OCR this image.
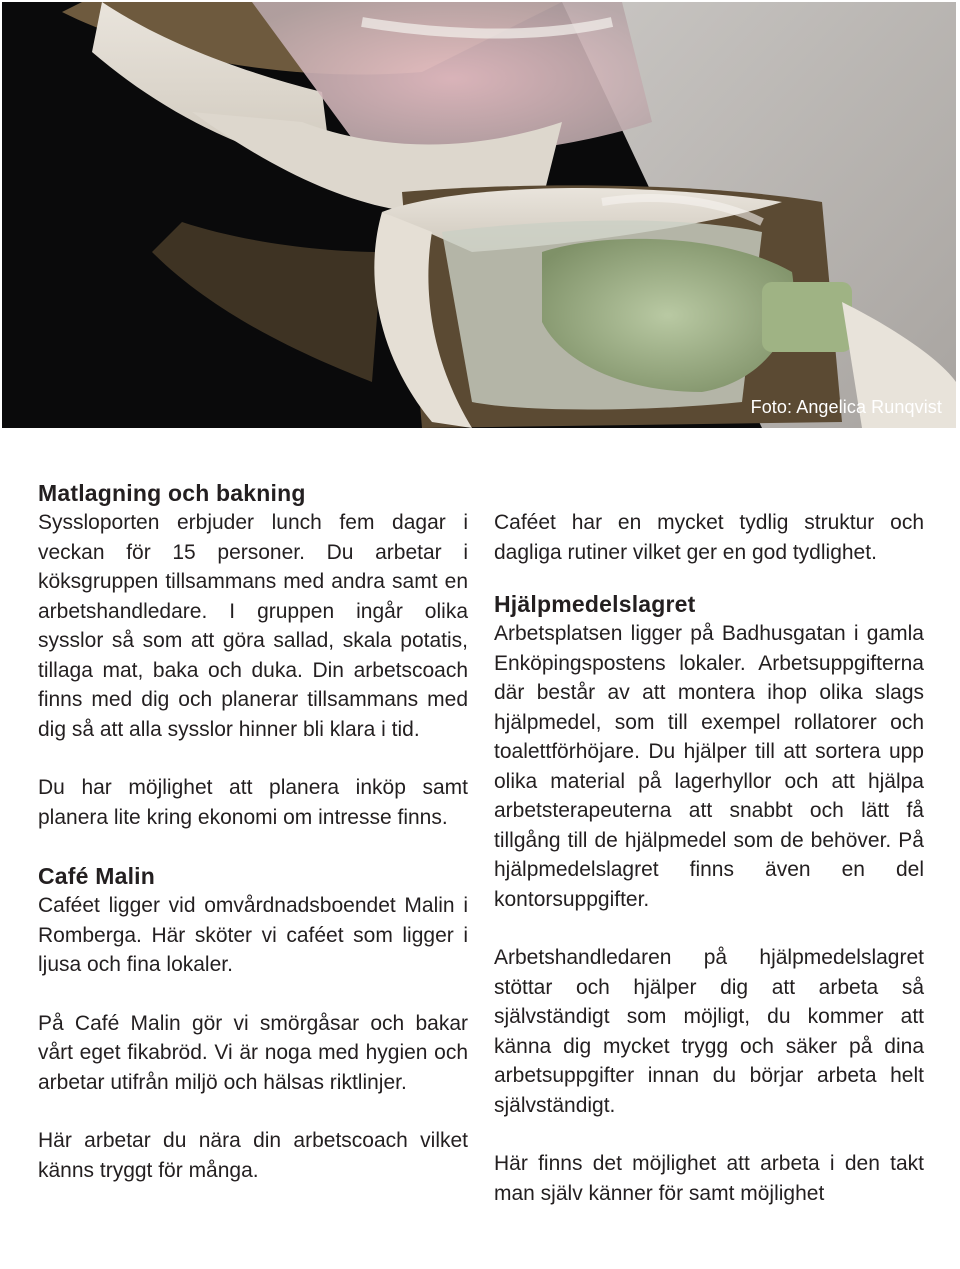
Foto: Angelica Runqvist
Matlagning och bakning

Syssloporten erbjuder lunch fem dagar i veckan för 15 personer. Du arbetar i köksgruppen tillsammans med andra samt en arbetshandledare. I gruppen ingår olika sysslor så som att göra sallad, skala potatis, tillaga mat, baka och duka. Din arbetscoach finns med dig och planerar tillsammans med dig så att alla sysslor hinner bli klara i tid.

Du har möjlighet att planera inköp samt planera lite kring ekonomi om intresse finns.

Café Malin

Caféet ligger vid omvårdnadsboendet Malin i Romberga. Här sköter vi caféet som ligger i ljusa och fina lokaler.

På Café Malin gör vi smörgåsar och bakar vårt eget fikabröd. Vi är noga med hygien och arbetar utifrån miljö och hälsas riktlinjer.

Här arbetar du nära din arbetscoach vilket känns tryggt för många.

Caféet har en mycket tydlig struktur och dagliga rutiner vilket ger en god tydlighet.

Hjälpmedelslagret

Arbetsplatsen ligger på Badhusgatan i gamla Enköpingspostens lokaler. Arbetsuppgifterna där består av att montera ihop olika slags hjälpmedel, som till exempel rollatorer och toalettförhöjare. Du hjälper till att sortera upp olika material på lagerhyllor och att hjälpa arbetsterapeuterna att snabbt och lätt få tillgång till de hjälpmedel som de behöver. På hjälpmedelslagret finns även en del kontorsuppgifter.

Arbetshandledaren på hjälpmedelslagret stöttar och hjälper dig att arbeta så självständigt som möjligt, du kommer att känna dig mycket trygg och säker på dina arbetsuppgifter innan du börjar arbeta helt självständigt.

Här finns det möjlighet att arbeta i den takt man själv känner för samt möjlighet
